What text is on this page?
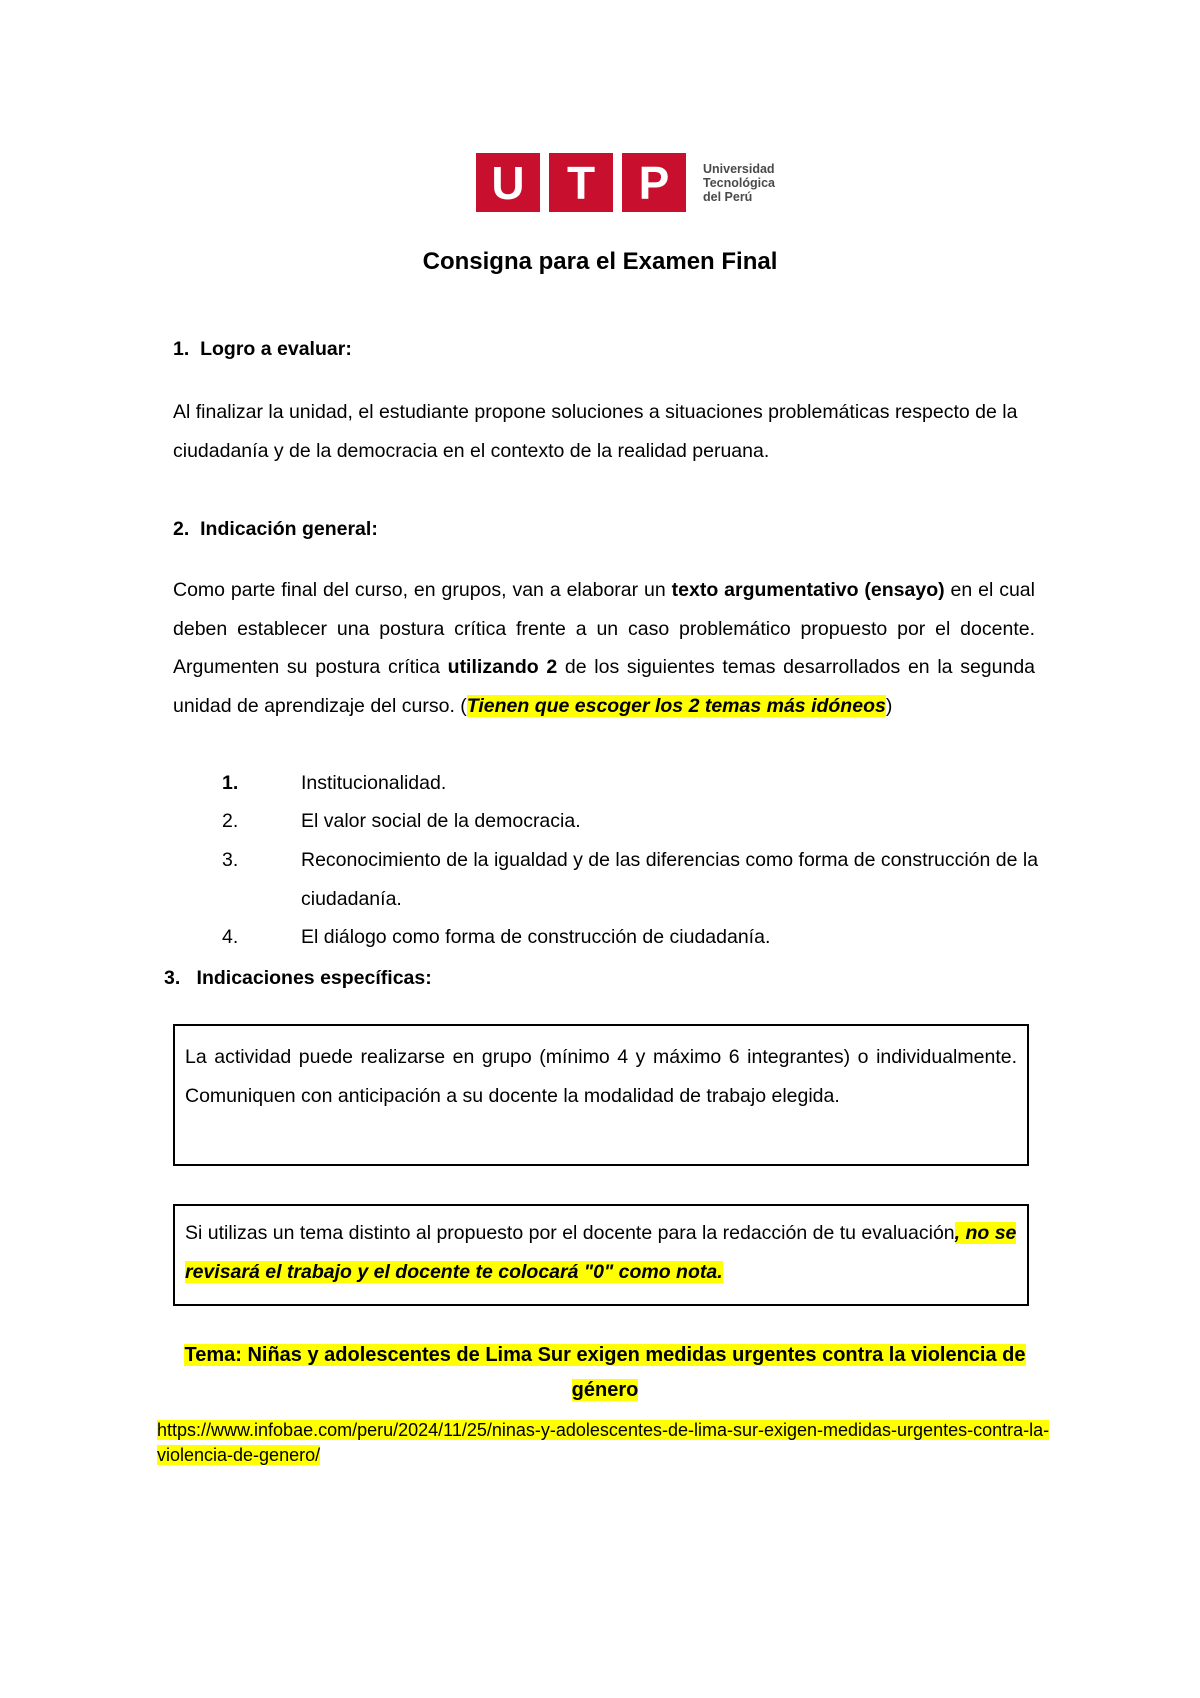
U T P	Universidad
Tecnológica
del Perú
Consigna para el Examen Final
1. Logro a evaluar:
Al finalizar la unidad, el estudiante propone soluciones a situaciones problemáticas respecto de la ciudadanía y de la democracia en el contexto de la realidad peruana.
2. Indicación general:
Como parte final del curso, en grupos, van a elaborar un texto argumentativo (ensayo) en el cual deben establecer una postura crítica frente a un caso problemático propuesto por el docente. Argumenten su postura crítica utilizando 2 de los siguientes temas desarrollados en la segunda unidad de aprendizaje del curso. (Tienen que escoger los 2 temas más idóneos)
1.	Institucionalidad.
2.	El valor social de la democracia.
3.	Reconocimiento de la igualdad y de las diferencias como forma de construcción de la ciudadanía.
4.	El diálogo como forma de construcción de ciudadanía.
3. Indicaciones específicas:
La actividad puede realizarse en grupo (mínimo 4 y máximo 6 integrantes) o individualmente. Comuniquen con anticipación a su docente la modalidad de trabajo elegida.
Si utilizas un tema distinto al propuesto por el docente para la redacción de tu evaluación, no se revisará el trabajo y el docente te colocará "0" como nota.
Tema: Niñas y adolescentes de Lima Sur exigen medidas urgentes contra la violencia de género
https://www.infobae.com/peru/2024/11/25/ninas-y-adolescentes-de-lima-sur-exigen-medidas-urgentes-contra-la-violencia-de-genero/
